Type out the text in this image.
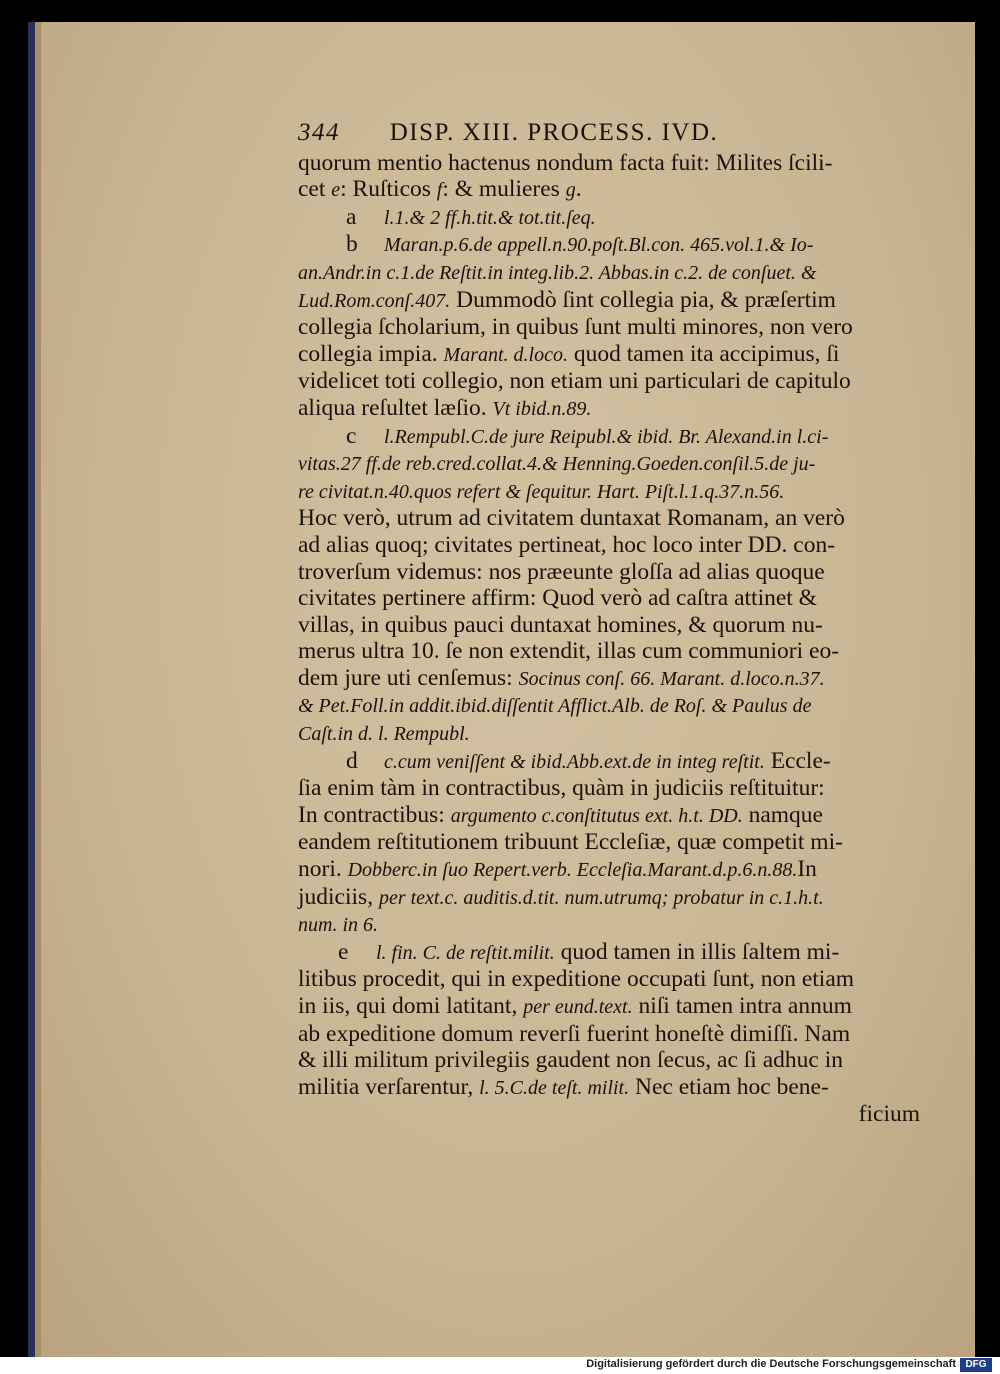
344 DISP. XIII. PROCESS. IVD.
quorum mentio hactenus nondum facta fuit: Milites ſcili-
cet e: Ruſticos f: & mulieres g.
a l.1.& 2 ff.h.tit.& tot.tit.ſeq.
b Maran.p.6.de appell.n.90.poſt.Bl.con. 465.vol.1.& Io-
an.Andr.in c.1.de Reſtit.in integ.lib.2. Abbas.in c.2. de conſuet. &
Lud.Rom.conſ.407. Dummodò ſint collegia pia, & præſertim
collegia ſcholarium, in quibus ſunt multi minores, non vero
collegia impia. Marant. d.loco. quod tamen ita accipimus, ſi
videlicet toti collegio, non etiam uni particulari de capitulo
aliqua reſultet læſio. Vt ibid.n.89.
c l.Rempubl.C.de jure Reipubl.& ibid. Br. Alexand.in l.ci-
vitas.27 ff.de reb.cred.collat.4.& Henning.Goeden.conſil.5.de ju-
re civitat.n.40.quos refert & ſequitur. Hart. Piſt.l.1.q.37.n.56.
Hoc verò, utrum ad civitatem duntaxat Romanam, an verò
ad alias quoq; civitates pertineat, hoc loco inter DD. con-
troverſum videmus: nos præeunte gloſſa ad alias quoque
civitates pertinere affirm: Quod verò ad caſtra attinet &
villas, in quibus pauci duntaxat homines, & quorum nu-
merus ultra 10. ſe non extendit, illas cum communiori eo-
dem jure uti cenſemus: Socinus conſ. 66. Marant. d.loco.n.37.
& Pet.Foll.in addit.ibid.diſſentit Afflict.Alb. de Roſ. & Paulus de
Caſt.in d. l. Rempubl.
d c.cum veniſſent & ibid.Abb.ext.de in integ reſtit. Eccle-
ſia enim tàm in contractibus, quàm in judiciis reſtituitur:
In contractibus: argumento c.conſtitutus ext. h.t. DD. namque
eandem reſtitutionem tribuunt Eccleſiæ, quæ competit mi-
nori. Dobberc.in ſuo Repert.verb. Eccleſia.Marant.d.p.6.n.88.In
judiciis, per text.c. auditis.d.tit. num.utrumq; probatur in c.1.h.t.
num. in 6.
e l. fin. C. de reſtit.milit. quod tamen in illis ſaltem mi-
litibus procedit, qui in expeditione occupati ſunt, non etiam
in iis, qui domi latitant, per eund.text. niſi tamen intra annum
ab expeditione domum reverſi fuerint honeſtè dimiſſi. Nam
& illi militum privilegiis gaudent non ſecus, ac ſi adhuc in
militia verſarentur, l. 5.C.de teſt. milit. Nec etiam hoc bene-
ficium
Digitalisierung gefördert durch die Deutsche Forschungsgemeinschaft DFG
